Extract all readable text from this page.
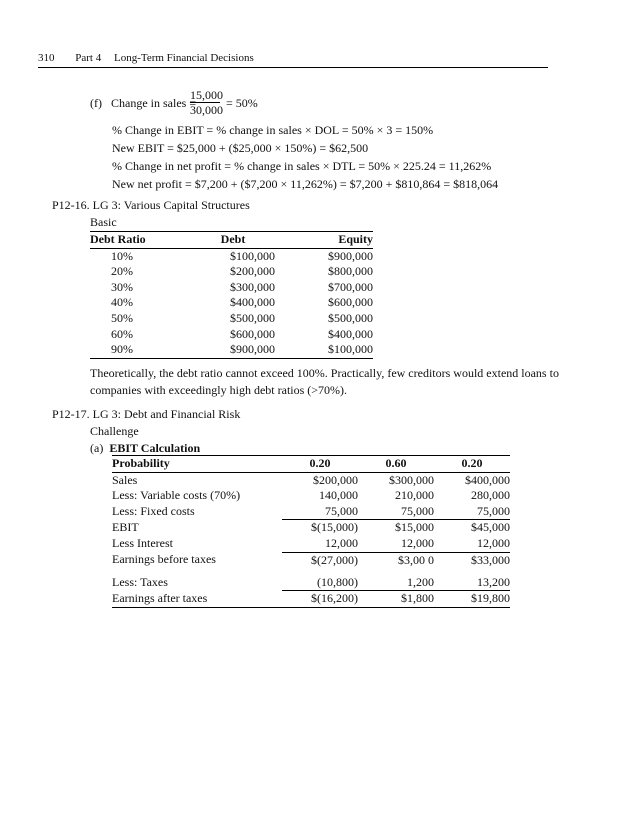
310 Part 4 Long-Term Financial Decisions
(f) Change in sales =
15,000
30,000 = 50%
% Change in EBIT = % change in sales × DOL = 50% × 3 = 150%
New EBIT = $25,000 + ($25,000 × 150%) = $62,500
% Change in net profit = % change in sales × DTL = 50% × 225.24 = 11,262%
New net profit = $7,200 + ($7,200 × 11,262%) = $7,200 + $810,864 = $818,064
P12-16. LG 3: Various Capital Structures
Basic
Debt Ratio	Debt	Equity
10%	$100,000	$900,000
20%	$200,000	$800,000
30%	$300,000	$700,000
40%	$400,000	$600,000
50%	$500,000	$500,000
60%	$600,000	$400,000
90%	$900,000	$100,000
Theoretically, the debt ratio cannot exceed 100%. Practically, few creditors would extend loans to
companies with exceedingly high debt ratios (>70%).
P12-17. LG 3: Debt and Financial Risk
Challenge
(a) EBIT Calculation
Probability	0.20	0.60	0.20
Sales	$200,000	$300,000	$400,000
Less: Variable costs (70%)	140,000	210,000	280,000
Less: Fixed costs	75,000	75,000	75,000
EBIT	$(15,000)	$15,000	$45,000
Less Interest	12,000	12,000	12,000
Earnings before taxes	$(27,000)	$3,00 0	$33,000
Less: Taxes	(10,800)	1,200	13,200
Earnings after taxes	$(16,200)	$1,800	$19,800
